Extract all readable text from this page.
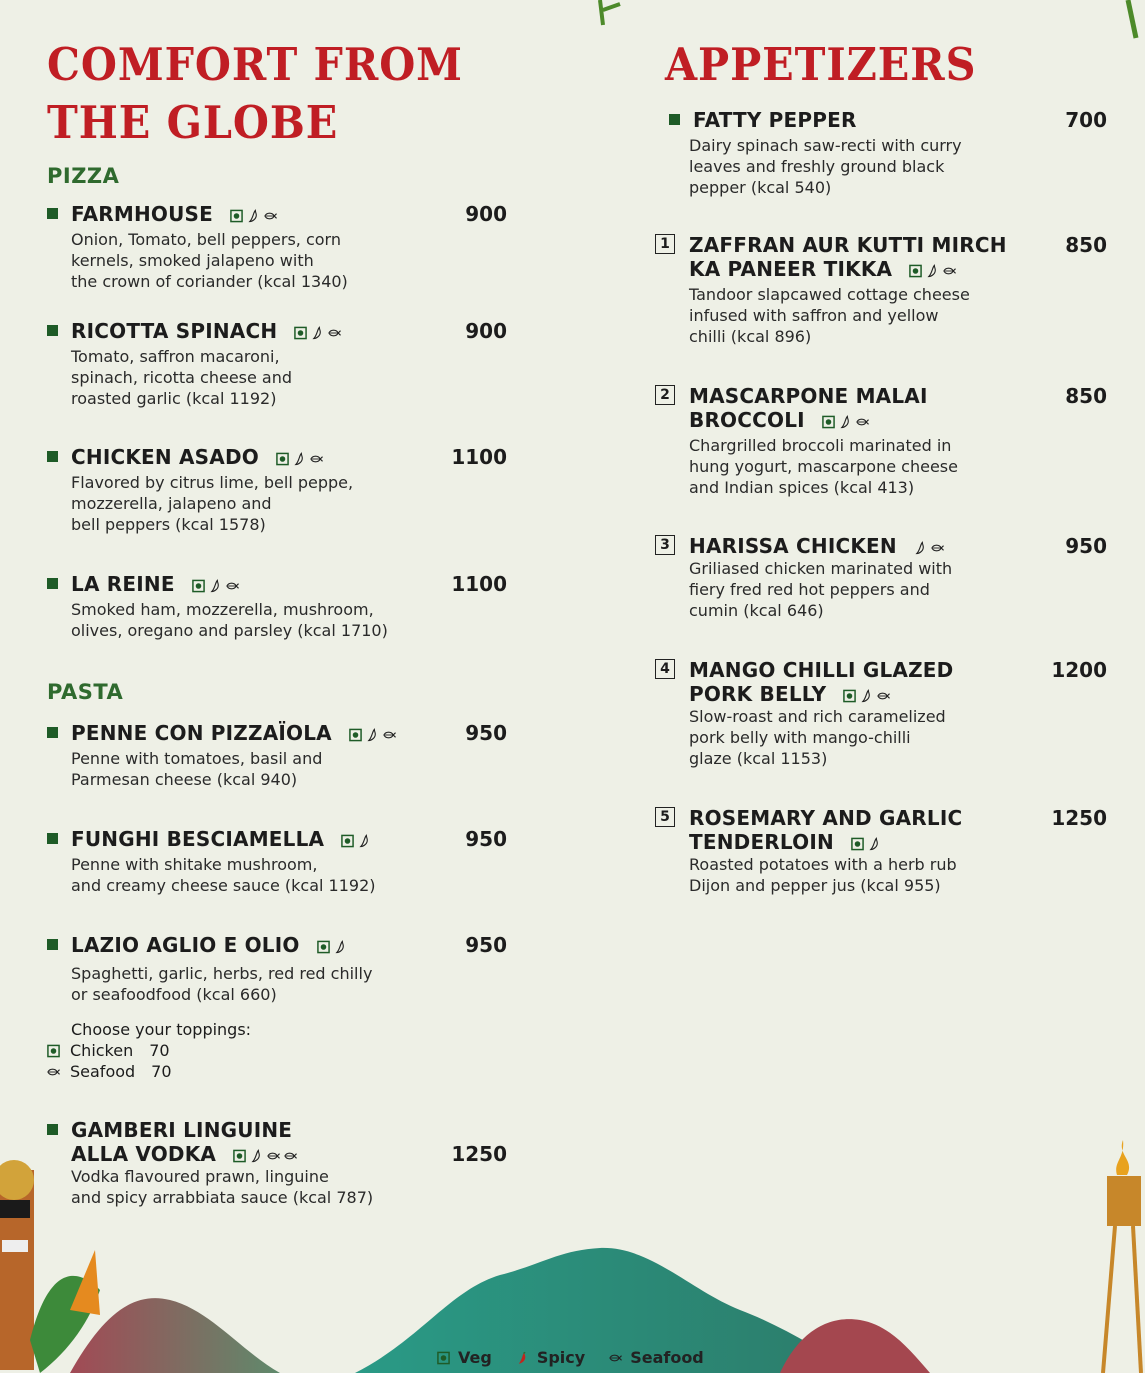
COMFORT FROM
THE GLOBE
PIZZA
FARMHOUSE	900
Onion, Tomato, bell peppers, corn
kernels, smoked jalapeno with
the crown of coriander (kcal 1340)
RICOTTA SPINACH	900
Tomato, saffron macaroni,
spinach, ricotta cheese and
roasted garlic (kcal 1192)
CHICKEN ASADO	1100
Flavored by citrus lime, bell peppe,
mozzerella, jalapeno and
bell peppers (kcal 1578)
LA REINE	1100
Smoked ham, mozzerella, mushroom,
olives, oregano and parsley (kcal 1710)
PASTA
PENNE CON PIZZAÏOLA	950
Penne with tomatoes, basil and
Parmesan cheese (kcal 940)
FUNGHI BESCIAMELLA	950
Penne with shitake mushroom,
and creamy cheese sauce (kcal 1192)
LAZIO AGLIO E OLIO	950
Spaghetti, garlic, herbs, red red chilly
or seafoodfood (kcal 660)
Choose your toppings:
Chicken 70
Seafood 70
GAMBERI LINGUINE
ALLA VODKA	1250
Vodka flavoured prawn, linguine
and spicy arrabbiata sauce (kcal 787)
APPETIZERS
FATTY PEPPER	700
Dairy spinach saw-recti with curry
leaves and freshly ground black
pepper (kcal 540)
1 ZAFFRAN AUR KUTTI MIRCH
KA PANEER TIKKA
850
Tandoor slapcawed cottage cheese
infused with saffron and yellow
chilli (kcal 896)
2 MASCARPONE MALAI
BROCCOLI
850
Chargrilled broccoli marinated in
hung yogurt, mascarpone cheese
and Indian spices (kcal 413)
3 HARISSA CHICKEN	950
Griliased chicken marinated with
fiery fred red hot peppers and
cumin (kcal 646)
4 MANGO CHILLI GLAZED
PORK BELLY
1200
Slow-roast and rich caramelized
pork belly with mango-chilli
glaze (kcal 1153)
5 ROSEMARY AND GARLIC
TENDERLOIN
1250
Roasted potatoes with a herb rub
Dijon and pepper jus (kcal 955)
Veg	Spicy	Seafood
